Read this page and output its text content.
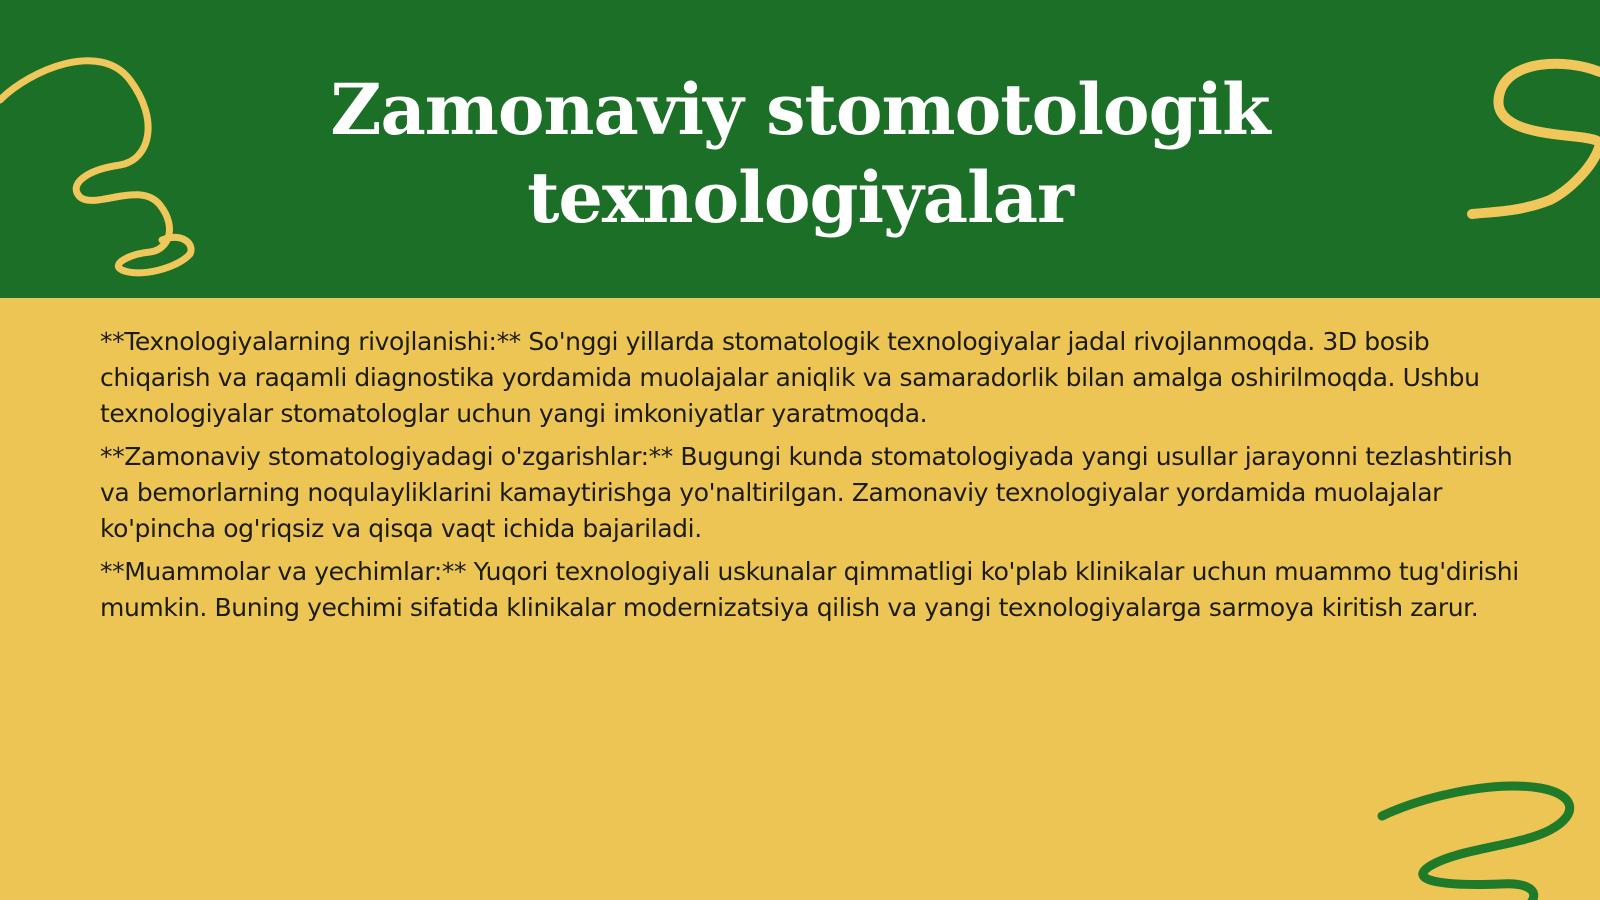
Zamonaviy stomotologik
texnologiyalar

**Texnologiyalarning rivojlanishi:** So'nggi yillarda stomatologik texnologiyalar jadal rivojlanmoqda. 3D bosib chiqarish va raqamli diagnostika yordamida muolajalar aniqlik va samaradorlik bilan amalga oshirilmoqda. Ushbu texnologiyalar stomatologlar uchun yangi imkoniyatlar yaratmoqda.

**Zamonaviy stomatologiyadagi o'zgarishlar:** Bugungi kunda stomatologiyada yangi usullar jarayonni tezlashtirish va bemorlarning noqulayliklarini kamaytirishga yo'naltirilgan. Zamonaviy texnologiyalar yordamida muolajalar ko'pincha og'riqsiz va qisqa vaqt ichida bajariladi.

**Muammolar va yechimlar:** Yuqori texnologiyali uskunalar qimmatligi ko'plab klinikalar uchun muammo tug'dirishi mumkin. Buning yechimi sifatida klinikalar modernizatsiya qilish va yangi texnologiyalarga sarmoya kiritish zarur.
